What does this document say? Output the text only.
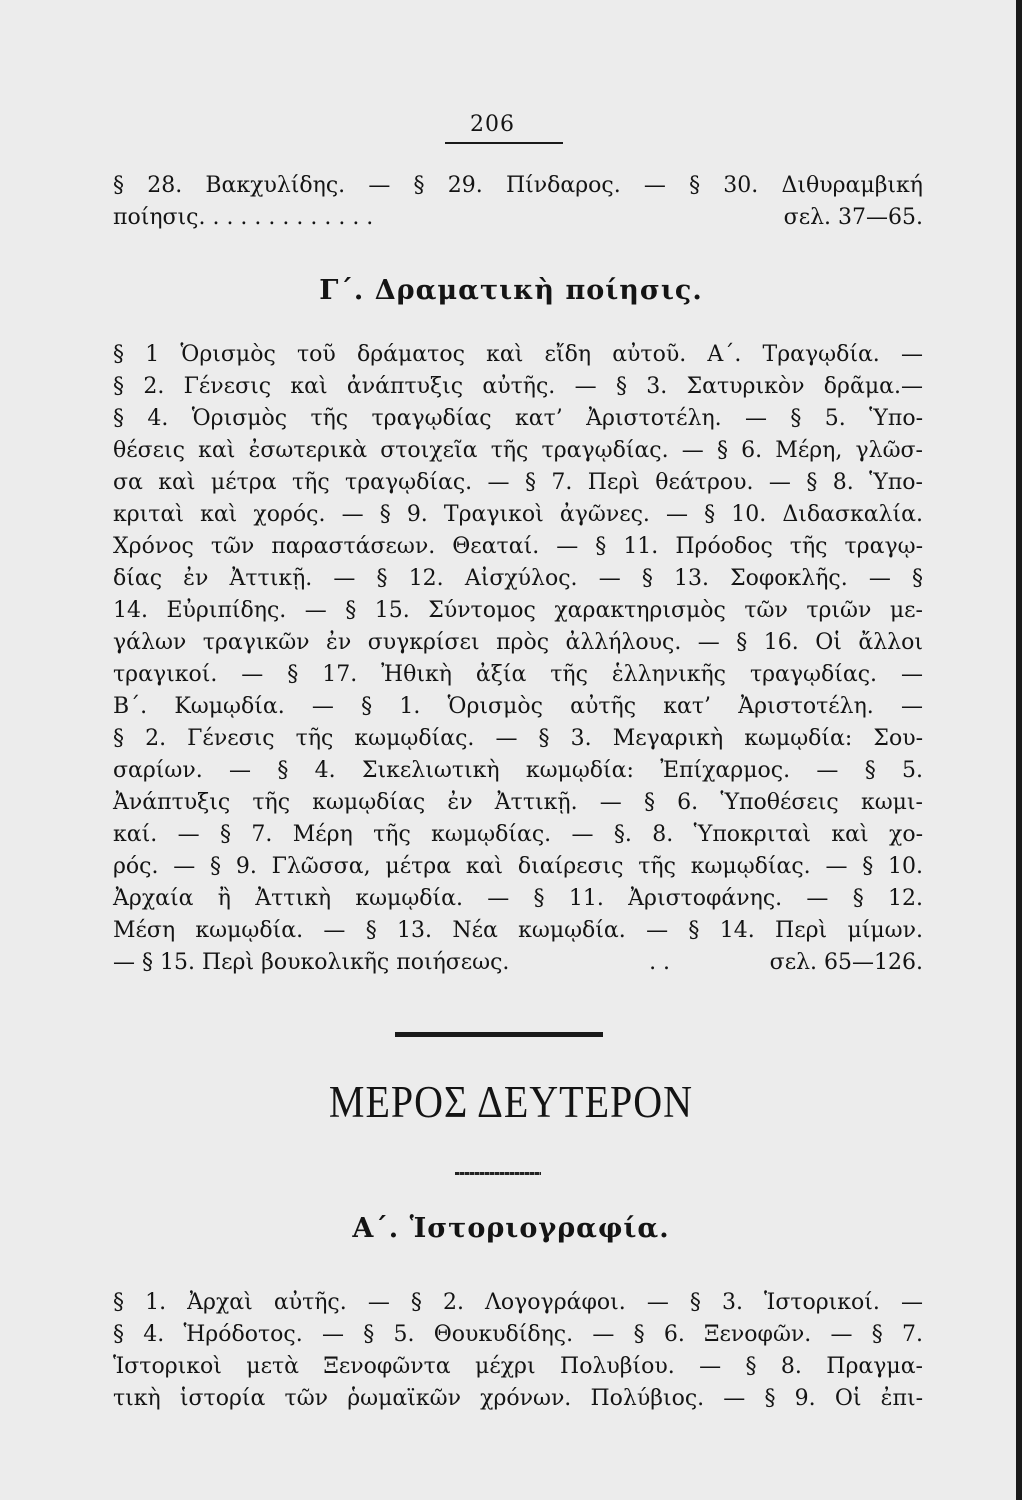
206
§ 28. Βακχυλίδης. — § 29. Πίνδαρος. — § 30. Διθυραμβική
ποίησις. . . . . . . . . . . . .	σελ. 37—65.
Γ΄. Δραματικὴ ποίησις.
§ 1 Ὁρισμὸς τοῦ δράματος καὶ εἴδη αὐτοῦ. Α΄. Τραγῳδία. —
§ 2. Γένεσις καὶ ἀνάπτυξις αὐτῆς. — § 3. Σατυρικὸν δρᾶμα.—
§ 4. Ὁρισμὸς τῆς τραγῳδίας κατ’ Ἀριστοτέλη. — § 5. Ὑπο-
θέσεις καὶ ἐσωτερικὰ στοιχεῖα τῆς τραγῳδίας. — § 6. Μέρη, γλῶσ-
σα καὶ μέτρα τῆς τραγῳδίας. — § 7. Περὶ θεάτρου. — § 8. Ὑπο-
κριταὶ καὶ χορός. — § 9. Τραγικοὶ ἀγῶνες. — § 10. Διδασκαλία.
Χρόνος τῶν παραστάσεων. Θεαταί. — § 11. Πρόοδος τῆς τραγῳ-
δίας ἐν Ἀττικῇ. — § 12. Αἰσχύλος. — § 13. Σοφοκλῆς. — §
14. Εὐριπίδης. — § 15. Σύντομος χαρακτηρισμὸς τῶν τριῶν με-
γάλων τραγικῶν ἐν συγκρίσει πρὸς ἀλλήλους. — § 16. Οἱ ἄλλοι
τραγικοί. — § 17. Ἠθικὴ ἀξία τῆς ἑλληνικῆς τραγῳδίας. —
Β΄. Κωμῳδία. — § 1. Ὁρισμὸς αὐτῆς κατ’ Ἀριστοτέλη. —
§ 2. Γένεσις τῆς κωμῳδίας. — § 3. Μεγαρικὴ κωμῳδία: Σου-
σαρίων. — § 4. Σικελιωτικὴ κωμῳδία: Ἐπίχαρμος. — § 5.
Ἀνάπτυξις τῆς κωμῳδίας ἐν Ἀττικῇ. — § 6. Ὑποθέσεις κωμι-
καί. — § 7. Μέρη τῆς κωμῳδίας. — §. 8. Ὑποκριταὶ καὶ χο-
ρός. — § 9. Γλῶσσα, μέτρα καὶ διαίρεσις τῆς κωμῳδίας. — § 10.
Ἀρχαία ἢ Ἀττικὴ κωμῳδία. — § 11. Ἀριστοφάνης. — § 12.
Μέση κωμῳδία. — § 13. Νέα κωμῳδία. — § 14. Περὶ μίμων.
— § 15. Περὶ βουκολικῆς ποιήσεως.	. .	σελ. 65—126.
ΜΕΡΟΣ ΔΕΥΤΕΡΟΝ
Α΄. Ἱστοριογραφία.
§ 1. Ἀρχαὶ αὐτῆς. — § 2. Λογογράφοι. — § 3. Ἱστορικοί. —
§ 4. Ἡρόδοτος. — § 5. Θουκυδίδης. — § 6. Ξενοφῶν. — § 7.
Ἱστορικοὶ μετὰ Ξενοφῶντα μέχρι Πολυβίου. — § 8. Πραγμα-
τικὴ ἱστορία τῶν ῥωμαϊκῶν χρόνων. Πολύβιος. — § 9. Οἱ ἐπι-
